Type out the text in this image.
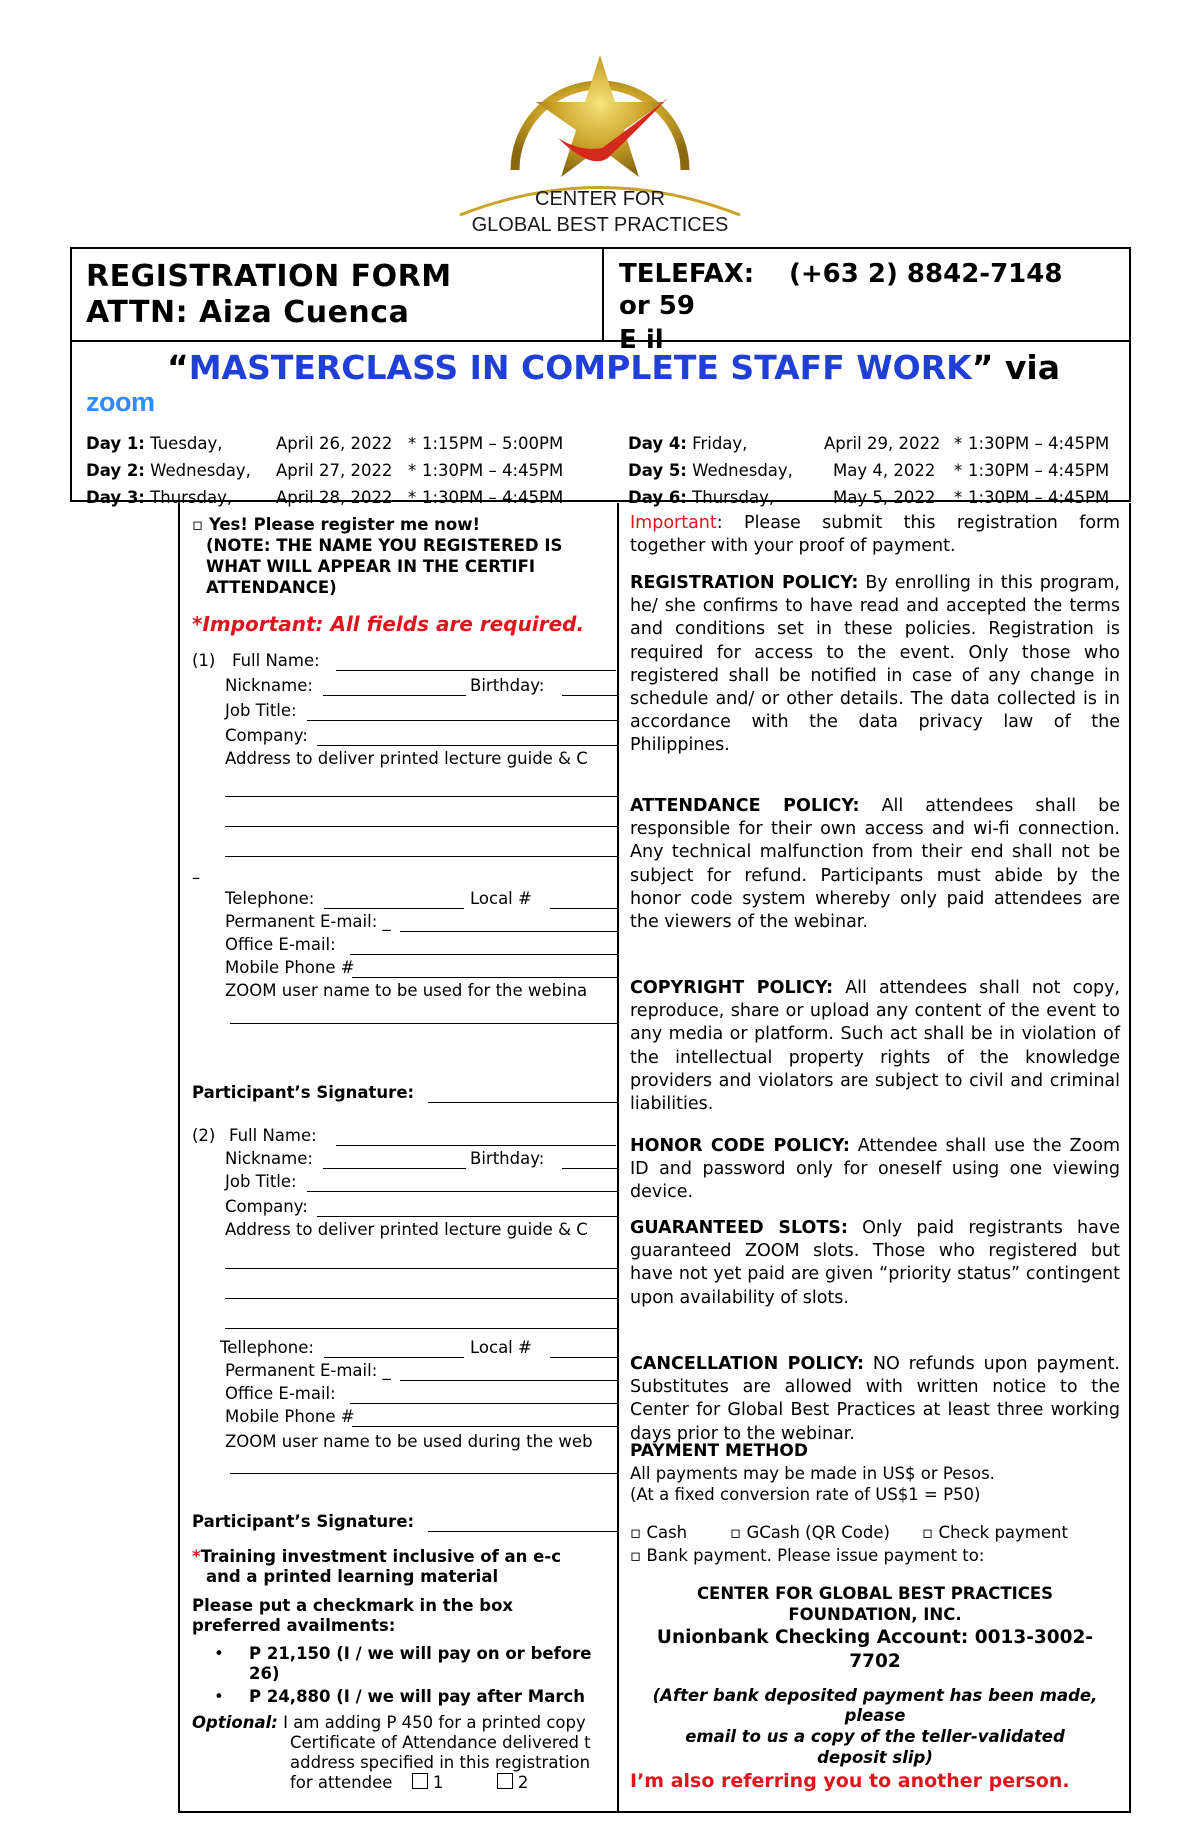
CENTER FOR
GLOBAL BEST PRACTICES
REGISTRATION FORM
ATTN: Aiza Cuenca
TELEFAX: (+63 2) 8842-7148
or 59
E il
“MASTERCLASS IN COMPLETE STAFF WORK” via
zoom
Day 1: Tuesday,	April 26, 2022 * 1:15PM – 5:00PM
Day 2: Wednesday, April 27, 2022 * 1:30PM – 4:45PM
Day 3: Thursday,	April 28, 2022 * 1:30PM – 4:45PM
Day 4: Friday,	April 29, 2022 * 1:30PM – 4:45PM
Day 5: Wednesday, May 4, 2022 * 1:30PM – 4:45PM
Day 6: Thursday,	May 5, 2022 * 1:30PM – 4:45PM
▫ Yes! Please register me now!
(NOTE: THE NAME YOU REGISTERED IS
WHAT WILL APPEAR IN THE CERTIFI
ATTENDANCE)
*Important: All fields are required.
(1) Full Name:
Nickname:	Birthday:
Job Title:
Company:
Address to deliver printed lecture guide & C
–
Telephone:	Local #
Permanent E-mail: _
Office E-mail:
Mobile Phone #
ZOOM user name to be used for the webina
Participant’s Signature:
(2) Full Name:
Nickname:	Birthday:
Job Title:
Company:
Address to deliver printed lecture guide & C
Tellephone:	Local #
Permanent E-mail: _
Office E-mail:
Mobile Phone #
ZOOM user name to be used during the web
Participant’s Signature:
*Training investment inclusive of an e-c
and a printed learning material
Please put a checkmark in the box
preferred availments:
• P 21,150 (I / we will pay on or before
26)
• P 24,880 (I / we will pay after March
Optional: I am adding P 450 for a printed copy
Certificate of Attendance delivered t
address specified in this registration
for attendee 1	2
Important: Please submit this registration form together with your proof of payment.
REGISTRATION POLICY: By enrolling in this program, he/ she confirms to have read and accepted the terms and conditions set in these policies. Registration is required for access to the event. Only those who registered shall be notified in case of any change in schedule and/ or other details. The data collected is in accordance with the data privacy law of the Philippines.
ATTENDANCE POLICY: All attendees shall be responsible for their own access and wi-fi connection. Any technical malfunction from their end shall not be subject for refund. Participants must abide by the honor code system whereby only paid attendees are the viewers of the webinar.
COPYRIGHT POLICY: All attendees shall not copy, reproduce, share or upload any content of the event to any media or platform. Such act shall be in violation of the intellectual property rights of the knowledge providers and violators are subject to civil and criminal liabilities.
HONOR CODE POLICY: Attendee shall use the Zoom ID and password only for oneself using one viewing device.
GUARANTEED SLOTS: Only paid registrants have guaranteed ZOOM slots. Those who registered but have not yet paid are given “priority status” contingent upon availability of slots.
CANCELLATION POLICY: NO refunds upon payment. Substitutes are allowed with written notice to the Center for Global Best Practices at least three working days prior to the webinar.
PAYMENT METHOD
All payments may be made in US$ or Pesos.
(At a fixed conversion rate of US$1 = P50)
▫ Cash	▫ GCash (QR Code) ▫ Check payment
▫ Bank payment. Please issue payment to:
CENTER FOR GLOBAL BEST PRACTICES
FOUNDATION, INC.
Unionbank Checking Account: 0013-3002-
7702
(After bank deposited payment has been made,
please
email to us a copy of the teller-validated
deposit slip)
I’m also referring you to another person.
